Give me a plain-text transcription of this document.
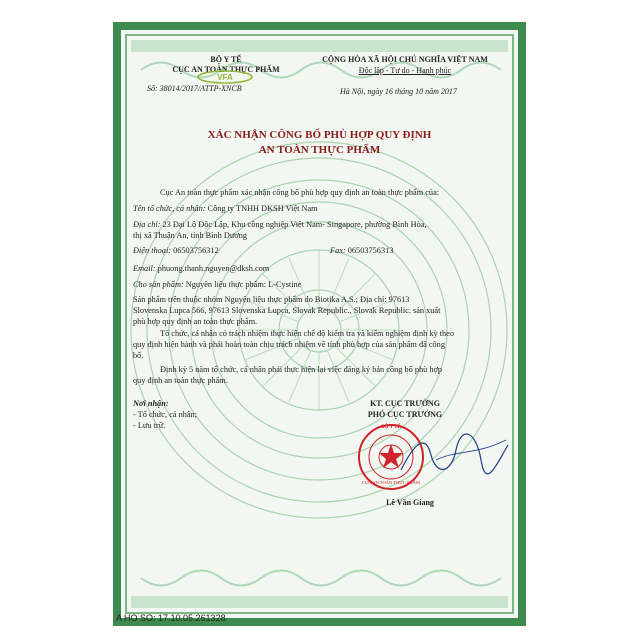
BỘ Y TẾ
CỤC AN TOÀN THỰC PHẨM
VFA
Số: 38014/2017/ATTP-XNCB
CỘNG HÒA XÃ HỘI CHỦ NGHĨA VIỆT NAM
Độc lập - Tự do - Hạnh phúc
Hà Nội, ngày 16 tháng 10 năm 2017
XÁC NHẬN CÔNG BỐ PHÙ HỢP QUY ĐỊNH
AN TOÀN THỰC PHẨM
Cục An toàn thực phẩm xác nhận công bố phù hợp quy định an toàn thực phẩm của:
Tên tổ chức, cá nhân: Công ty TNHH DKSH Việt Nam
Địa chỉ: 23 Đại Lộ Độc Lập, Khu công nghiệp Việt Nam- Singapore, phường Bình Hòa,
thị xã Thuận An, tỉnh Bình Dương
Điện thoại: 06503756312	Fax: 06503756313
Email: phuong.thanh.nguyen@dksh.com
Cho sản phẩm: Nguyên liệu thực phẩm: L-Cystine
Sản phẩm trên thuộc nhóm Nguyên liệu thực phẩm do Biotika A.S.; Địa chỉ: 97613
Slovenska Lupca 566, 97613 Slovenska Lupca, Slovak Republic., Slovak Republic. sản xuất
phù hợp quy định an toàn thực phẩm.
Tổ chức, cá nhân có trách nhiệm thực hiện chế độ kiểm tra và kiểm nghiệm định kỳ theo
quy định hiện hành và phải hoàn toàn chịu trách nhiệm về tính phù hợp của sản phẩm đã công
bố.
Định kỳ 5 năm tổ chức, cá nhân phải thực hiện lại việc đăng ký bản công bố phù hợp
quy định an toàn thực phẩm.
Nơi nhận:
- Tổ chức, cá nhân;
- Lưu trữ.
KT. CỤC TRƯỞNG
PHÓ CỤC TRƯỞNG
BỘ Y TẾ
CỤC AN TOÀN THỰC PHẨM
Lê Văn Giang
A HO SO: 17.10.05.261328
